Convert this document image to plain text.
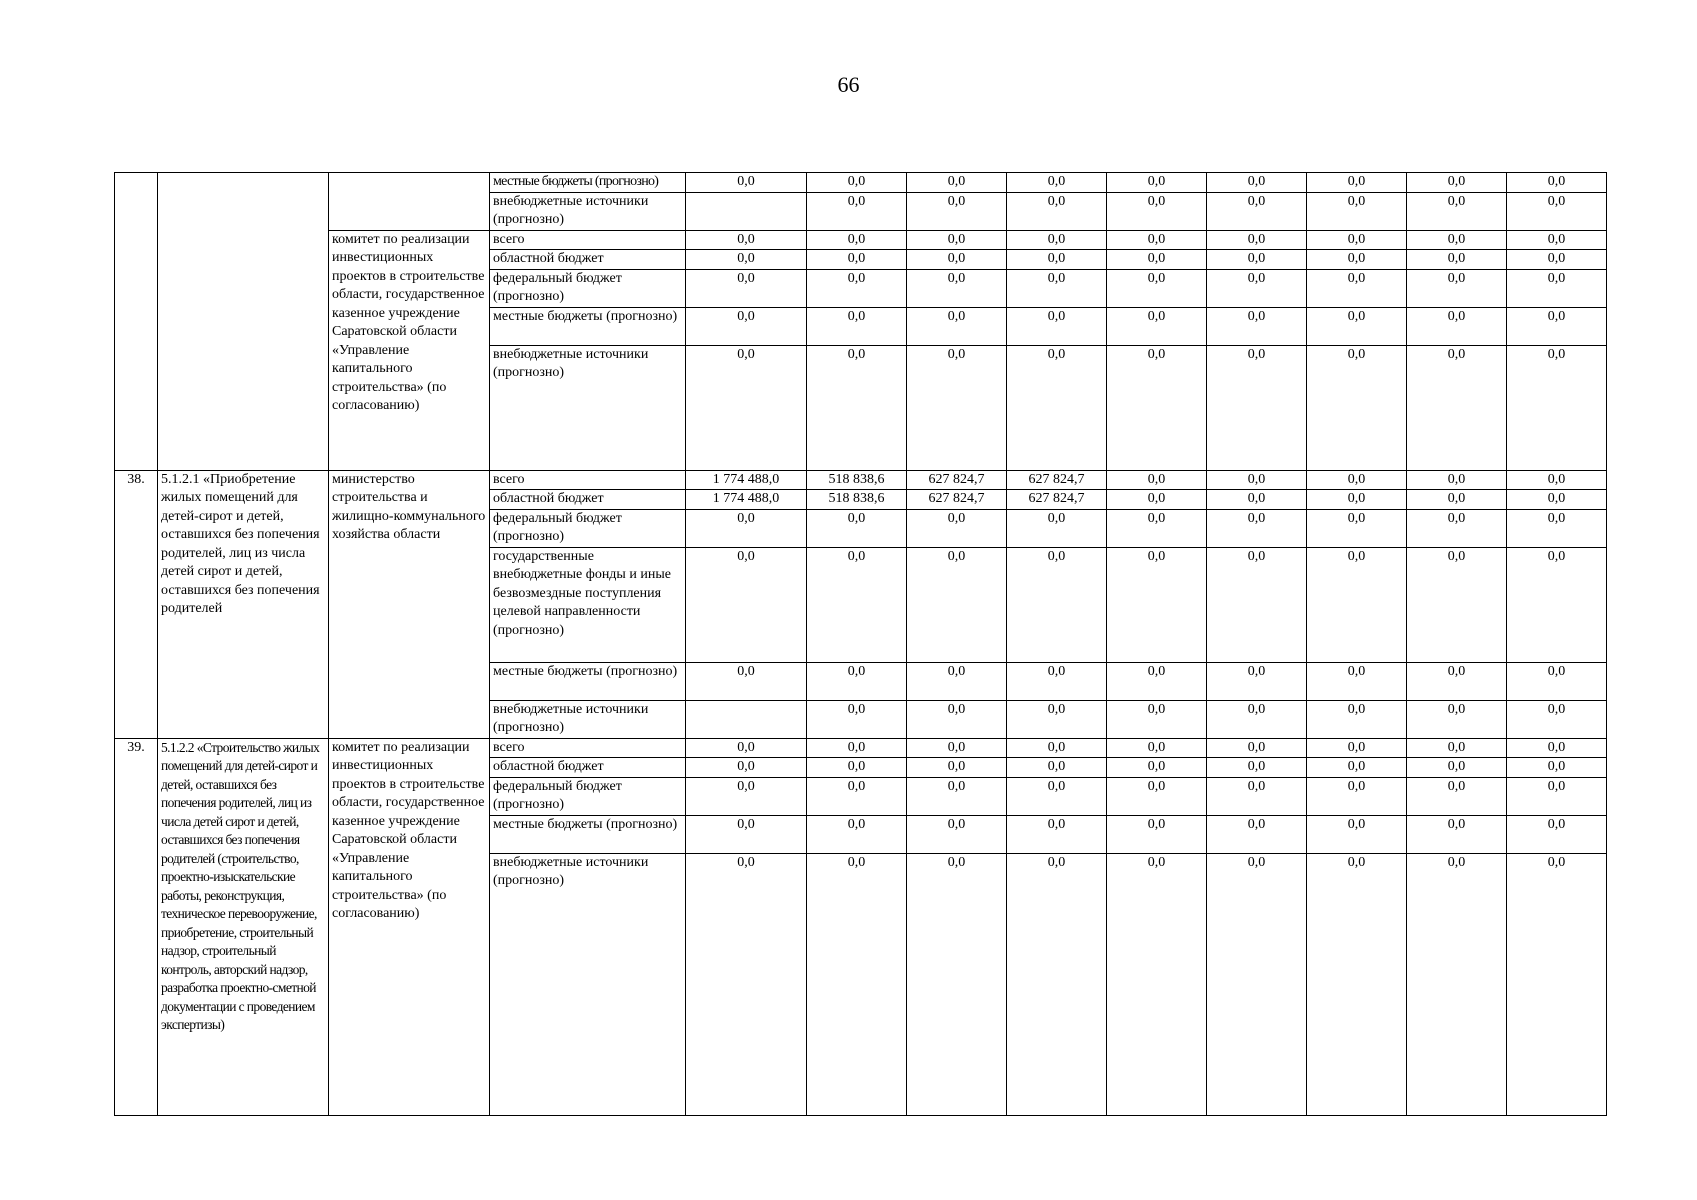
66
			местные бюджеты (прогнозно)	0,0	0,0	0,0	0,0	0,0	0,0	0,0	0,0	0,0
			внебюджетные источники (прогнозно)		0,0	0,0	0,0	0,0	0,0	0,0	0,0	0,0
		комитет по реализации инвестиционных проектов в строительстве области, государственное казенное учреждение Саратовской области «Управление капитального строительства» (по согласованию)	всего	0,0	0,0	0,0	0,0	0,0	0,0	0,0	0,0	0,0
			областной бюджет	0,0	0,0	0,0	0,0	0,0	0,0	0,0	0,0	0,0
			федеральный бюджет (прогнозно)	0,0	0,0	0,0	0,0	0,0	0,0	0,0	0,0	0,0
			местные бюджеты (прогнозно)	0,0	0,0	0,0	0,0	0,0	0,0	0,0	0,0	0,0
			внебюджетные источники (прогнозно)	0,0	0,0	0,0	0,0	0,0	0,0	0,0	0,0	0,0
38.	5.1.2.1 «Приобретение жилых помещений для детей-сирот и детей, оставшихся без попечения родителей, лиц из числа детей сирот и детей, оставшихся без попечения родителей	министерство строительства и жилищно-коммунального хозяйства области	всего	1 774 488,0	518 838,6	627 824,7	627 824,7	0,0	0,0	0,0	0,0	0,0
			областной бюджет	1 774 488,0	518 838,6	627 824,7	627 824,7	0,0	0,0	0,0	0,0	0,0
			федеральный бюджет (прогнозно)	0,0	0,0	0,0	0,0	0,0	0,0	0,0	0,0	0,0
			государственные внебюджетные фонды и иные безвозмездные поступления целевой направленности (прогнозно)	0,0	0,0	0,0	0,0	0,0	0,0	0,0	0,0	0,0
			местные бюджеты (прогнозно)	0,0	0,0	0,0	0,0	0,0	0,0	0,0	0,0	0,0
			внебюджетные источники (прогнозно)		0,0	0,0	0,0	0,0	0,0	0,0	0,0	0,0
39.	5.1.2.2 «Строительство жилых помещений для детей-сирот и детей, оставшихся без попечения родителей, лиц из числа детей сирот и детей, оставшихся без попечения родителей (строительство, проектно-изыскательские работы, реконструкция, техническое перевооружение, приобретение, строительный надзор, строительный контроль, авторский надзор, разработка проектно-сметной документации с проведением экспертизы)	комитет по реализации инвестиционных проектов в строительстве области, государственное казенное учреждение Саратовской области «Управление капитального строительства» (по согласованию)	всего	0,0	0,0	0,0	0,0	0,0	0,0	0,0	0,0	0,0
			областной бюджет	0,0	0,0	0,0	0,0	0,0	0,0	0,0	0,0	0,0
			федеральный бюджет (прогнозно)	0,0	0,0	0,0	0,0	0,0	0,0	0,0	0,0	0,0
			местные бюджеты (прогнозно)	0,0	0,0	0,0	0,0	0,0	0,0	0,0	0,0	0,0
			внебюджетные источники (прогнозно)	0,0	0,0	0,0	0,0	0,0	0,0	0,0	0,0	0,0
